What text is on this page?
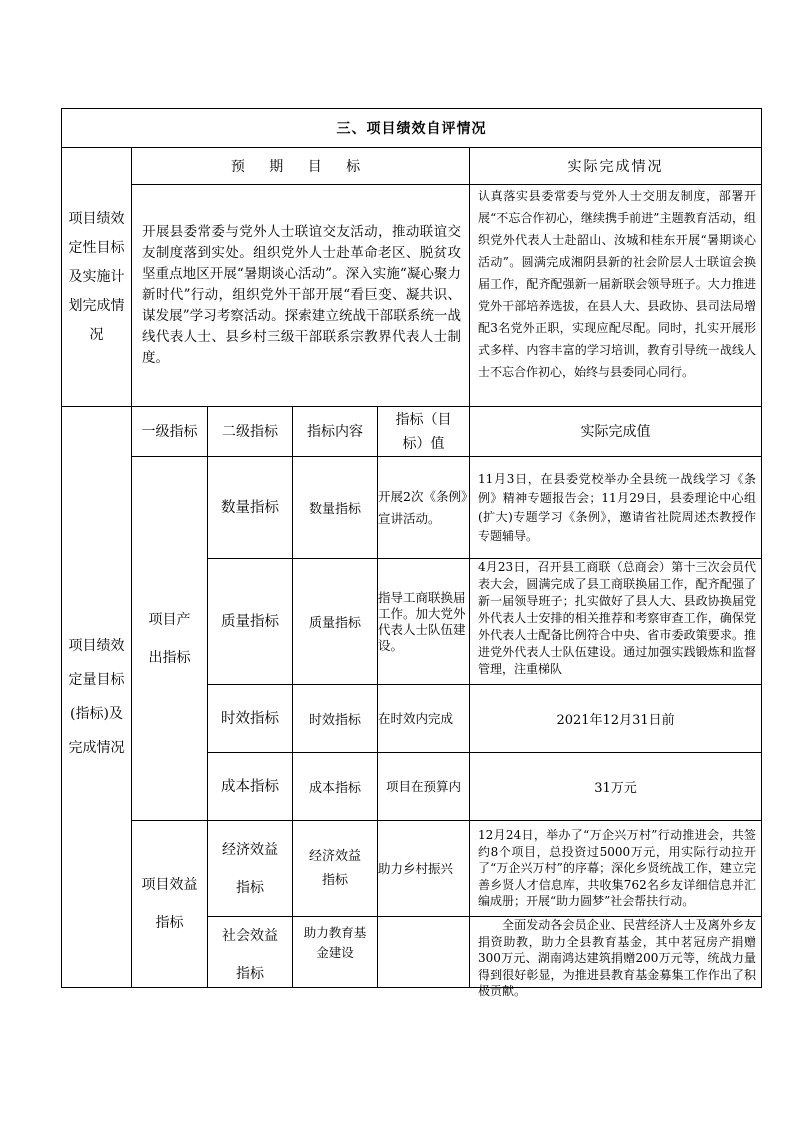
三、项目绩效自评情况					

项目绩效定性目标及实施计划完成情况	预 期 目 标				实际完成情况

	开展县委常委与党外人士联谊交友活动，推动联谊交友制度落到实处。组织党外人士赴革命老区、脱贫攻坚重点地区开展“暑期谈心活动”。深入实施“凝心聚力新时代”行动，组织党外干部开展“看巨变、凝共识、谋发展”学习考察活动。探索建立统战干部联系统一战线代表人士、县乡村三级干部联系宗教界代表人士制度。				认真落实县委常委与党外人士交朋友制度，部署开展“不忘合作初心，继续携手前进”主题教育活动，组织党外代表人士赴韶山、汝城和桂东开展“暑期谈心活动”。圆满完成湘阴县新的社会阶层人士联谊会换届工作，配齐配强新一届新联会领导班子。大力推进党外干部培养选拔，在县人大、县政协、县司法局增配3名党外正职，实现应配尽配。同时，扎实开展形式多样、内容丰富的学习培训，教育引导统一战线人士不忘合作初心，始终与县委同心同行。

项目绩效定量目标(指标)及完成情况	一级指标	二级指标	指标内容	指标（目标）值	实际完成值

	项目产出指标	数量指标	数量指标	开展2次《条例》宣讲活动。	11月3日，在县委党校举办全县统一战线学习《条例》精神专题报告会；11月29日，县委理论中心组(扩大)专题学习《条例》，邀请省社院周述杰教授作专题辅导。

		质量指标	质量指标	指导工商联换届工作。加大党外代表人士队伍建设。	4月23日，召开县工商联（总商会）第十三次会员代表大会，圆满完成了县工商联换届工作，配齐配强了新一届领导班子；扎实做好了县人大、县政协换届党外代表人士安排的相关推荐和考察审查工作，确保党外代表人士配备比例符合中央、省市委政策要求。推进党外代表人士队伍建设。通过加强实践锻炼和监督管理，注重梯队

		时效指标	时效指标	在时效内完成	2021年12月31日前
		成本指标	成本指标	项目在预算内	31万元

	项目效益指标	经济效益指标	经济效益指标	助力乡村振兴	12月24日，举办了“万企兴万村”行动推进会，共签约8个项目，总投资过5000万元，用实际行动拉开了“万企兴万村”的序幕；深化乡贤统战工作，建立完善乡贤人才信息库，共收集762名乡友详细信息并汇编成册；开展“助力圆梦”社会帮扶行动。

		社会效益指标	助力教育基金建设		全面发动各会员企业、民营经济人士及离外乡友捐资助教，助力全县教育基金，其中茗冠房产捐赠300万元、湖南鸿达建筑捐赠200万元等，统战力量得到很好彰显，为推进县教育基金募集工作作出了积极贡献。
